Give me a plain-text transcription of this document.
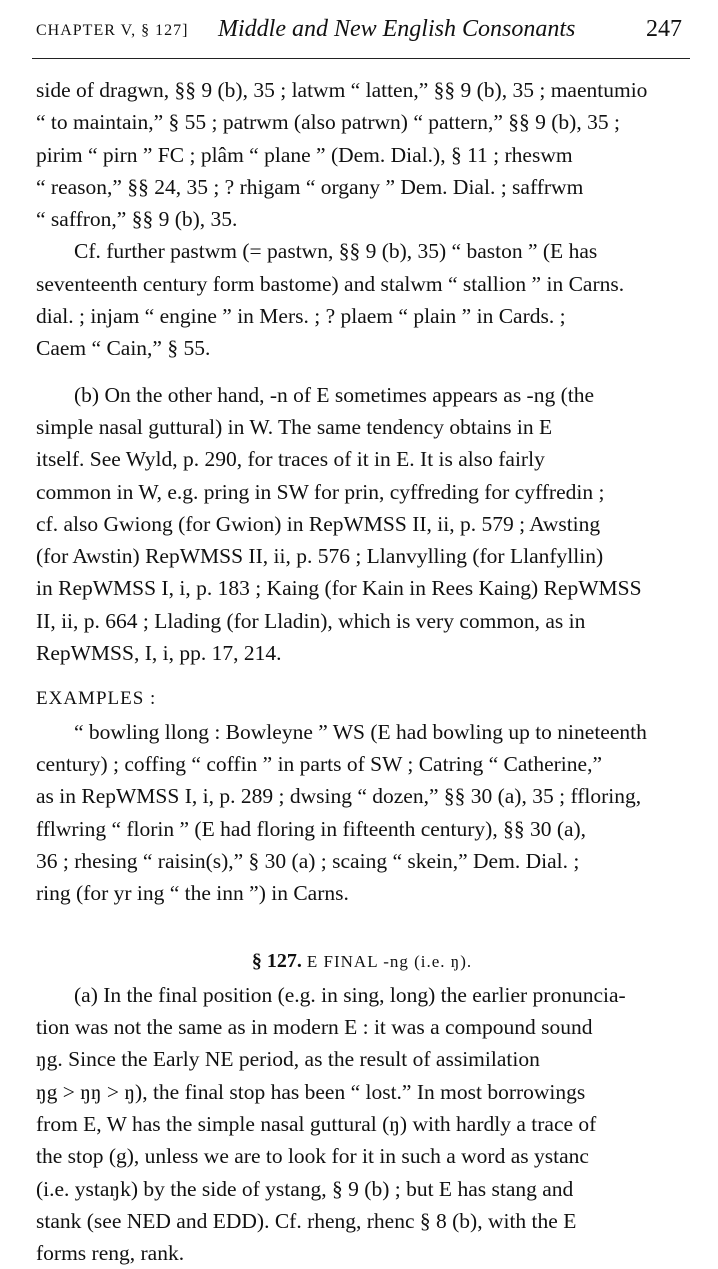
CHAPTER V, § 127] Middle and New English Consonants	247

side of dragwn, §§ 9 (b), 35 ; latwm “ latten,” §§ 9 (b), 35 ; maentumio

“ to maintain,” § 55 ; patrwm (also patrwn) “ pattern,” §§ 9 (b), 35 ;

pirim “ pirn ” FC ; plâm “ plane ” (Dem. Dial.), § 11 ; rheswm

“ reason,” §§ 24, 35 ; ? rhigam “ organy ” Dem. Dial. ; saffrwm

“ saffron,” §§ 9 (b), 35.

Cf. further pastwm (= pastwn, §§ 9 (b), 35) “ baston ” (E has

seventeenth century form bastome) and stalwm “ stallion ” in Carns.

dial. ; injam “ engine ” in Mers. ; ? plaem “ plain ” in Cards. ;

Caem “ Cain,” § 55.

(b) On the other hand, -n of E sometimes appears as -ng (the

simple nasal guttural) in W. The same tendency obtains in E

itself. See Wyld, p. 290, for traces of it in E. It is also fairly

common in W, e.g. pring in SW for prin, cyffreding for cyffredin ;

cf. also Gwiong (for Gwion) in RepWMSS II, ii, p. 579 ; Awsting

(for Awstin) RepWMSS II, ii, p. 576 ; Llanvylling (for Llanfyllin)

in RepWMSS I, i, p. 183 ; Kaing (for Kain in Rees Kaing) RepWMSS

II, ii, p. 664 ; Llading (for Lladin), which is very common, as in

RepWMSS, I, i, pp. 17, 214.

EXAMPLES :

“ bowling llong : Bowleyne ” WS (E had bowling up to nineteenth

century) ; coffing “ coffin ” in parts of SW ; Catring “ Catherine,”

as in RepWMSS I, i, p. 289 ; dwsing “ dozen,” §§ 30 (a), 35 ; ffloring,

fflwring “ florin ” (E had floring in fifteenth century), §§ 30 (a),

36 ; rhesing “ raisin(s),” § 30 (a) ; scaing “ skein,” Dem. Dial. ;

ring (for yr ing “ the inn ”) in Carns.

§ 127. E FINAL -ng (i.e. ŋ).

(a) In the final position (e.g. in sing, long) the earlier pronuncia-

tion was not the same as in modern E : it was a compound sound

ŋg. Since the Early NE period, as the result of assimilation

ŋg > ŋŋ > ŋ), the final stop has been “ lost.” In most borrowings

from E, W has the simple nasal guttural (ŋ) with hardly a trace of

the stop (g), unless we are to look for it in such a word as ystanc

(i.e. ystaŋk) by the side of ystang, § 9 (b) ; but E has stang and

stank (see NED and EDD). Cf. rheng, rhenc § 8 (b), with the E

forms reng, rank.
